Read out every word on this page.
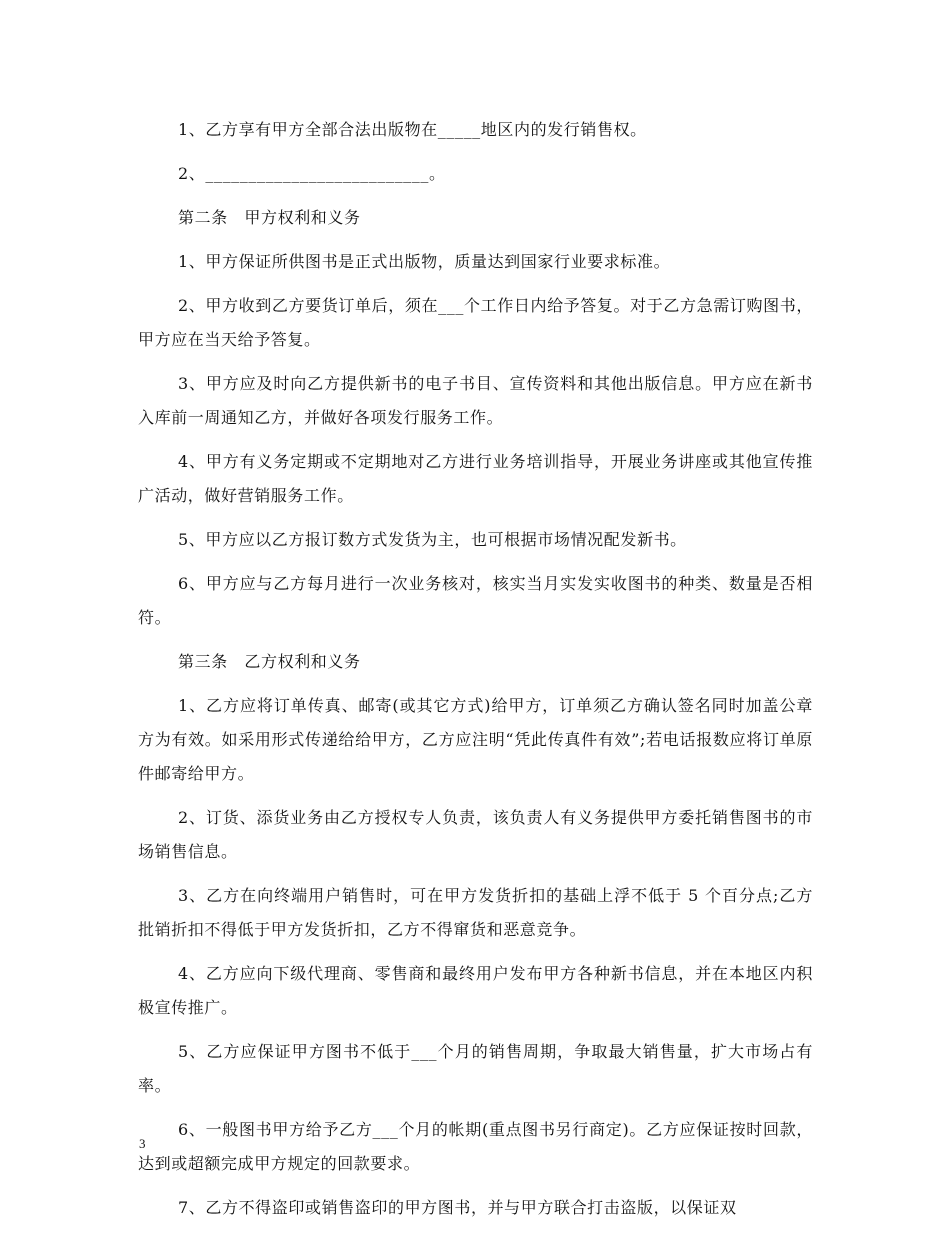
1、乙方享有甲方全部合法出版物在_____地区内的发行销售权。

2、__________________________。

第二条　甲方权利和义务

1、甲方保证所供图书是正式出版物，质量达到国家行业要求标准。

2、甲方收到乙方要货订单后，须在___个工作日内给予答复。对于乙方急需订购图书，甲方应在当天给予答复。

3、甲方应及时向乙方提供新书的电子书目、宣传资料和其他出版信息。甲方应在新书入库前一周通知乙方，并做好各项发行服务工作。

4、甲方有义务定期或不定期地对乙方进行业务培训指导，开展业务讲座或其他宣传推广活动，做好营销服务工作。

5、甲方应以乙方报订数方式发货为主，也可根据市场情况配发新书。

6、甲方应与乙方每月进行一次业务核对，核实当月实发实收图书的种类、数量是否相符。

第三条　乙方权利和义务

1、乙方应将订单传真、邮寄(或其它方式)给甲方，订单须乙方确认签名同时加盖公章方为有效。如采用形式传递给给甲方，乙方应注明“凭此传真件有效”;若电话报数应将订单原件邮寄给甲方。

2、订货、添货业务由乙方授权专人负责，该负责人有义务提供甲方委托销售图书的市场销售信息。

3、乙方在向终端用户销售时，可在甲方发货折扣的基础上浮不低于 5 个百分点;乙方批销折扣不得低于甲方发货折扣，乙方不得窜货和恶意竞争。

4、乙方应向下级代理商、零售商和最终用户发布甲方各种新书信息，并在本地区内积极宣传推广。

5、乙方应保证甲方图书不低于___个月的销售周期，争取最大销售量，扩大市场占有率。

6、一般图书甲方给予乙方___个月的帐期(重点图书另行商定)。乙方应保证按时回款，达到或超额完成甲方规定的回款要求。

7、乙方不得盗印或销售盗印的甲方图书，并与甲方联合打击盗版，以保证双

3
